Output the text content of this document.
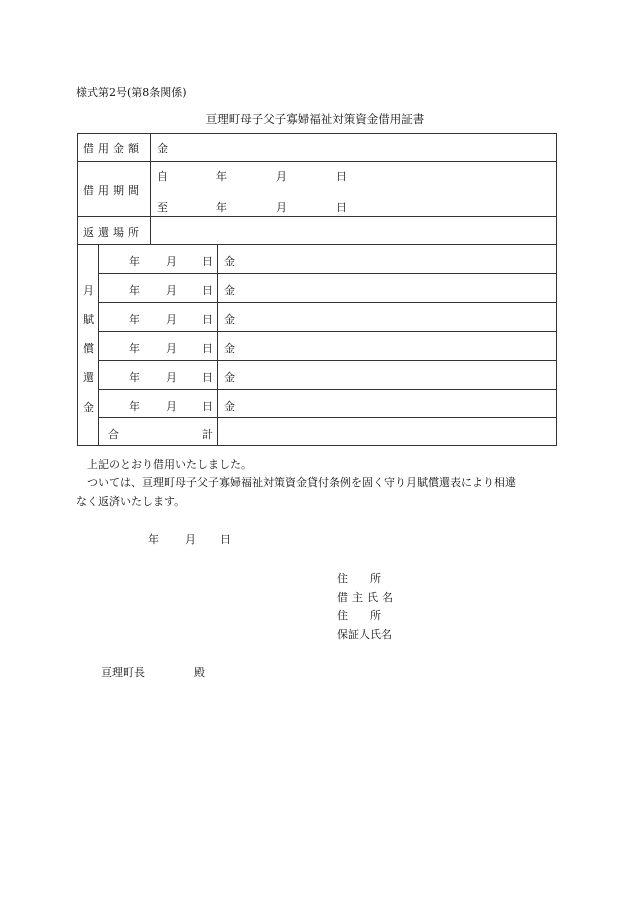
様式第2号(第8条関係)
亘理町母子父子寡婦福祉対策資金借用証書
借用金額 金
借用期間
自	年	月	日
至	年	月	日
返還場所
月
賦
償
還
金
年 月 日 金
年 月 日 金
年 月 日 金
年 月 日 金
年 月 日 金
年 月 日 金
合	計
上記のとおり借用いたしました。
ついては、亘理町母子父子寡婦福祉対策資金貸付条例を固く守り月賦償還表により相違
なく返済いたします。
年 月 日
住　　所
借主氏名
住　　所
保証人氏名
亘理町長	殿
